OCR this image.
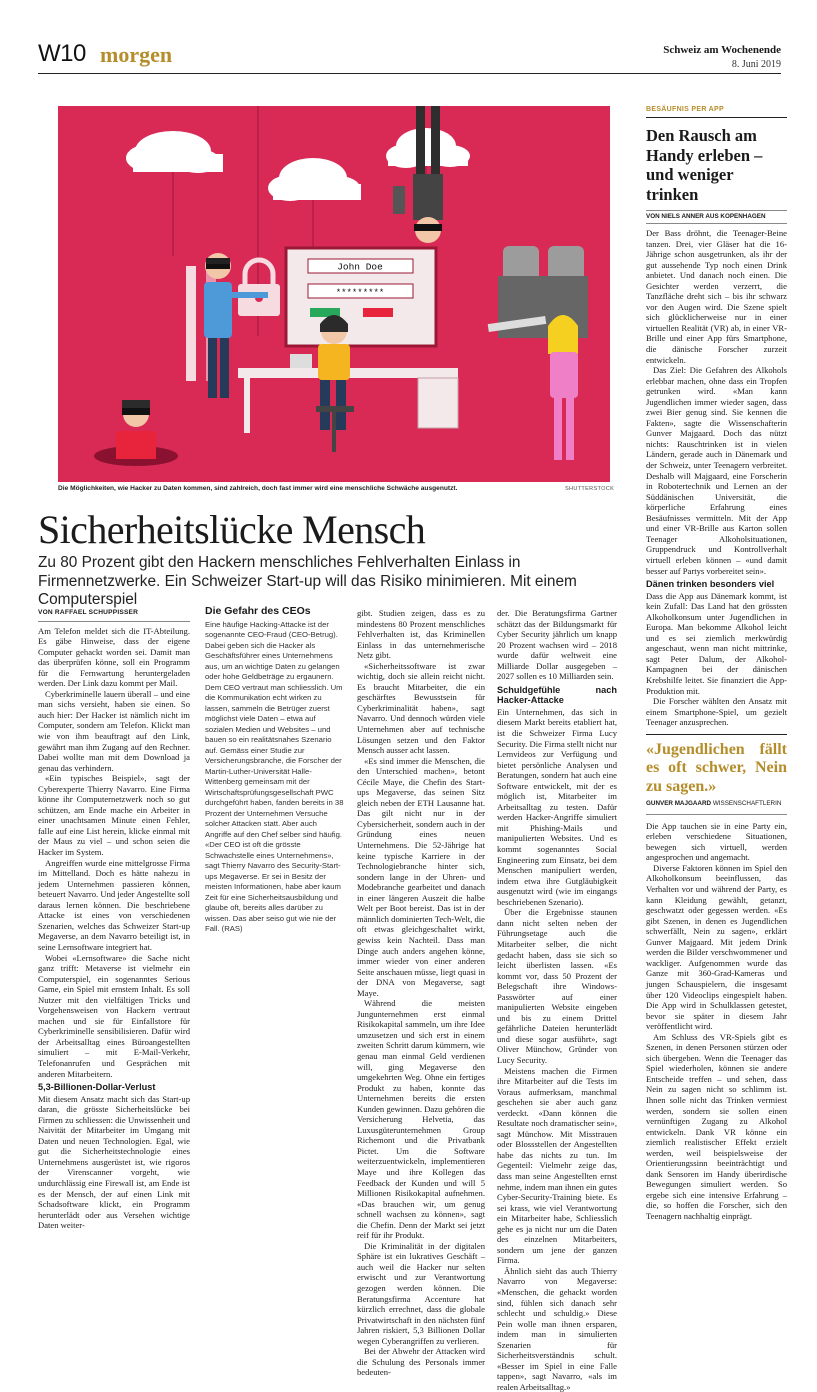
W10 morgen	Schweiz am Wochenende
8. Juni 2019
John Doe
*********
Die Möglichkeiten, wie Hacker zu Daten kommen, sind zahlreich, doch fast immer wird eine menschliche Schwäche ausgenutzt.	SHUTTERSTOCK
Sicherheitslücke Mensch
Zu 80 Prozent gibt den Hackern menschliches Fehlverhalten Einlass in Firmennetzwerke. Ein Schweizer Start-up will das Risiko minimieren. Mit einem Computerspiel
VON RAFFAEL SCHUPPISSER

Am Telefon meldet sich die IT-Abteilung. Es gäbe Hinweise, dass der eigene Computer gehackt worden sei. Damit man das überprüfen könne, soll ein Programm für die Fernwartung heruntergeladen werden. Der Link dazu kommt per Mail.

Cyberkriminelle lauern überall – und eine man sichs versieht, haben sie einen. So auch hier: Der Hacker ist nämlich nicht im Computer, sondern am Telefon. Klickt man wie von ihm beauftragt auf den Link, gewährt man ihm Zugang auf den Rechner. Dabei wollte man mit dem Download ja genau das verhindern.

«Ein typisches Beispiel», sagt der Cyberexperte Thierry Navarro. Eine Firma könne ihr Computernetzwerk noch so gut schützen, am Ende mache ein Arbeiter in einer unachtsamen Minute einen Fehler, falle auf eine List herein, klicke einmal mit der Maus zu viel – und schon seien die Hacker im System.

Angreiffen wurde eine mittelgrosse Firma im Mittelland. Doch es hätte nahezu in jedem Unternehmen passieren können, beteuert Navarro. Und jeder Angestellte soll daraus lernen können. Die beschriebene Attacke ist eines von verschiedenen Szenarien, welches das Schweizer Start-up Megaverse, an dem Navarro beteiligt ist, in seine Lernsoftware integriert hat.

Wobei «Lernsoftware» die Sache nicht ganz trifft: Metaverse ist vielmehr ein Computerspiel, ein sogenanntes Serious Game, ein Spiel mit ernstem Inhalt. Es soll Nutzer mit den vielfältigen Tricks und Vorgehensweisen von Hackern vertraut machen und sie für Einfallstore für Cyberkriminelle sensibilisieren. Dafür wird der Arbeitsalltag eines Büroangestellten simuliert – mit E-Mail-Verkehr, Telefonanrufen und Gesprächen mit anderen Mitarbeitern.

5,3-Billionen-Dollar-Verlust

Mit diesem Ansatz macht sich das Start-up daran, die grösste Sicherheitslücke bei Firmen zu schliessen: die Unwissenheit und Naivität der Mitarbeiter im Umgang mit Daten und neuen Technologien. Egal, wie gut die Sicherheitstechnologie eines Unternehmens ausgerüstet ist, wie rigoros der Virenscanner vorgeht, wie undurchlässig eine Firewall ist, am Ende ist es der Mensch, der auf einen Link mit Schadsoftware klickt, ein Programm herunterlädt oder aus Versehen wichtige Daten weiter-

Die Gefahr des CEOs
Eine häufige Hacking-Attacke ist der sogenannte CEO-Fraud (CEO-Betrug). Dabei geben sich die Hacker als Geschäftsführer eines Unternehmens aus, um an wichtige Daten zu gelangen oder hohe Geldbeträge zu ergaunern. Dem CEO vertraut man schliesslich. Um die Kommunikation echt wirken zu lassen, sammeln die Betrüger zuerst möglichst viele Daten – etwa auf sozialen Medien und Websites – und bauen so ein realitätsnahes Szenario auf. Gemäss einer Studie zur Versicherungsbranche, die Forscher der Martin-Luther-Universität Halle-Wittenberg gemeinsam mit der Wirtschaftsprüfungsgesellschaft PWC durchgeführt haben, fanden bereits in 38 Prozent der Unternehmen Versuche solcher Attacken statt. Aber auch Angriffe auf den Chef selber sind häufig. «Der CEO ist oft die grösste Schwachstelle eines Unternehmens», sagt Thierry Navarro des Security-Start-ups Megaverse. Er sei in Besitz der meisten Informationen, habe aber kaum Zeit für eine Sicherheitsausbildung und glaube oft, bereits alles darüber zu wissen. Das aber seiso gut wie nie der Fall. (RAS)

gibt. Studien zeigen, dass es zu mindestens 80 Prozent menschliches Fehlverhalten ist, das Kriminellen Einlass in das unternehmerische Netz gibt.

«Sicherheitssoftware ist zwar wichtig, doch sie allein reicht nicht. Es braucht Mitarbeiter, die ein geschärftes Bewusstsein für Cyberkriminalität haben», sagt Navarro. Und dennoch würden viele Unternehmen aber auf technische Lösungen setzen und den Faktor Mensch ausser acht lassen.

«Es sind immer die Menschen, die den Unterschied machen», betont Cécile Maye, die Chefin des Start-ups Megaverse, das seinen Sitz gleich neben der ETH Lausanne hat. Das gilt nicht nur in der Cybersicherheit, sondern auch in der Gründung eines neuen Unternehmens. Die 52-Jährige hat keine typische Karriere in der Technologiebranche hinter sich, sondern lange in der Uhren- und Modebranche gearbeitet und danach in einer längeren Auszeit die halbe Welt per Boot bereist. Das ist in der männlich dominierten Tech-Welt, die oft etwas gleichgeschaltet wirkt, gewiss kein Nachteil. Dass man Dinge auch anders angehen könne, immer wieder von einer anderen Seite anschauen müsse, liegt quasi in der DNA von Megaverse, sagt Maye.

Während die meisten Jungunternehmen erst einmal Risikokapital sammeln, um ihre Idee umzusetzen und sich erst in einem zweiten Schritt darum kümmern, wie genau man einmal Geld verdienen will, ging Megaverse den umgekehrten Weg. Ohne ein fertiges Produkt zu haben, konnte das Unternehmen bereits die ersten Kunden gewinnen. Dazu gehören die Versicherung Helvetia, das Luxusgüterunternehmen Group Richemont und die Privatbank Pictet. Um die Software weiterzuentwickeln, implementieren Maye und ihre Kollegen das Feedback der Kunden und will 5 Millionen Risikokapital aufnehmen. «Das brauchen wir, um genug schnell wachsen zu können», sagt die Chefin. Denn der Markt sei jetzt reif für ihr Produkt.

Die Kriminalität in der digitalen Sphäre ist ein lukratives Geschäft – auch weil die Hacker nur selten erwischt und zur Verantwortung gezogen werden können. Die Beratungsfirma Accenture hat kürzlich errechnet, dass die globale Privatwirtschaft in den nächsten fünf Jahren riskiert, 5,3 Billionen Dollar wegen Cyberangriffen zu verlieren.

Bei der Abwehr der Attacken wird die Schulung des Personals immer bedeuten-

der. Die Beratungsfirma Gartner schätzt das der Bildungsmarkt für Cyber Security jährlich um knapp 20 Prozent wachsen wird – 2018 wurde dafür weltweit eine Milliarde Dollar ausgegeben – 2027 sollen es 10 Milliarden sein.

Schuldgefühle nach Hacker-Attacke

Ein Unternehmen, das sich in diesem Markt bereits etabliert hat, ist die Schweizer Firma Lucy Security. Die Firma stellt nicht nur Lernvideos zur Verfügung und bietet persönliche Analysen und Beratungen, sondern hat auch eine Software entwickelt, mit der es möglich ist, Mitarbeiter im Arbeitsalltag zu testen. Dafür werden Hacker-Angriffe simuliert mit Phishing-Mails und manipulierten Websites. Und es kommt sogenanntes Social Engineering zum Einsatz, bei dem Menschen manipuliert werden, indem etwa ihre Gutgläubigkeit ausgenutzt wird (wie im eingangs beschriebenen Szenario).

Über die Ergebnisse staunen dann nicht selten neben der Führungsetage auch die Mitarbeiter selber, die nicht gedacht haben, dass sie sich so leicht überlisten lassen. «Es kommt vor, dass 50 Prozent der Belegschaft ihre Windows-Passwörter auf einer manipulierten Website eingeben und bis zu einem Drittel gefährliche Dateien herunterlädt und diese sogar ausführt», sagt Oliver Münchow, Gründer von Lucy Security.

Meistens machen die Firmen ihre Mitarbeiter auf die Tests im Voraus aufmerksam, manchmal geschehen sie aber auch ganz verdeckt. «Dann können die Resultate noch dramatischer sein», sagt Münchow. Mit Misstrauen oder Blossstellen der Angestellten habe das nichts zu tun. Im Gegenteil: Vielmehr zeige das, dass man seine Angestellten ernst nehme, indem man ihnen ein gutes Cyber-Security-Training biete. Es sei krass, wie viel Verantwortung ein Mitarbeiter habe, Schliesslich gehe es ja nicht nur um die Daten des einzelnen Mitarbeiters, sondern um jene der ganzen Firma.

Ähnlich sieht das auch Thierry Navarro von Megaverse: «Menschen, die gehackt worden sind, fühlen sich danach sehr schlecht und schuldig.» Diese Pein wolle man ihnen ersparen, indem man in simulierten Szenarien für Sicherheitsverständnis schult. «Besser im Spiel in eine Falle tappen», sagt Navarro, «als im realen Arbeitsalltag.»

BESÄUFNIS PER APP
Den Rausch am Handy erleben – und weniger trinken
VON NIELS ANNER AUS KOPENHAGEN

Der Bass dröhnt, die Teenager-Beine tanzen. Drei, vier Gläser hat die 16-Jährige schon ausgetrunken, als ihr der gut aussehende Typ noch einen Drink anbietet. Und danach noch einen. Die Gesichter werden verzerrt, die Tanzfläche dreht sich – bis ihr schwarz vor den Augen wird. Die Szene spielt sich glücklicherweise nur in einer virtuellen Realität (VR) ab, in einer VR-Brille und einer App fürs Smartphone, die dänische Forscher zurzeit entwickeln.

Das Ziel: Die Gefahren des Alkohols erlebbar machen, ohne dass ein Tropfen getrunken wird. «Man kann Jugendlichen immer wieder sagen, dass zwei Bier genug sind. Sie kennen die Fakten», sagte die Wissenschafterin Gunver Majgaard. Doch das nützt nichts: Rauschtrinken ist in vielen Ländern, gerade auch in Dänemark und der Schweiz, unter Teenagern verbreitet. Deshalb will Majgaard, eine Forscherin in Robotertechnik und Lernen an der Süddänischen Universität, die körperliche Erfahrung eines Besäufnisses vermitteln. Mit der App und einer VR-Brille aus Karton sollen Teenager Alkoholsituationen, Gruppendruck und Kontrollverhalt virtuell erleben können – «und damit besser auf Partys vorbereitet sein».

Dänen trinken besonders viel

Dass die App aus Dänemark kommt, ist kein Zufall: Das Land hat den grössten Alkoholkonsum unter Jugendlichen in Europa. Man bekomme Alkohol leicht und es sei ziemlich merkwürdig angeschaut, wenn man nicht mittrinke, sagt Peter Dalum, der Alkohol-Kampagnen bei der dänischen Krebshilfe leitet. Sie finanziert die App-Produktion mit.

Die Forscher wählten den Ansatz mit einem Smartphone-Spiel, um gezielt Teenager anzusprechen.

«Jugendlichen fällt es oft schwer, Nein zu sagen.»
GUNVER MAJGAARD WISSENSCHAFTLERIN

Die App tauchen sie in eine Party ein, erleben verschiedene Situationen, bewegen sich virtuell, werden angesprochen und angemacht.

Diverse Faktoren können im Spiel den Alkoholkonsum beeinflussen, das Verhalten vor und während der Party, es kann Kleidung gewählt, getanzt, geschwatzt oder gegessen werden. «Es gibt Szenen, in denen es Jugendlichen schwerfällt, Nein zu sagen», erklärt Gunver Majgaard. Mit jedem Drink werden die Bilder verschwommener und wackliger. Aufgenommen wurde das Ganze mit 360-Grad-Kameras und jungen Schauspielern, die insgesamt über 120 Videoclips eingespielt haben. Die App wird in Schulklassen getestet, bevor sie später in diesem Jahr veröffentlicht wird.

Am Schluss des VR-Spiels gibt es Szenen, in denen Personen stürzen oder sich übergeben. Wenn die Teenager das Spiel wiederholen, können sie andere Entscheide treffen – und sehen, dass Nein zu sagen nicht so schlimm ist. Ihnen solle nicht das Trinken vermiest werden, sondern sie sollen einen vernünftigen Zugang zu Alkohol entwickeln. Dank VR könne ein ziemlich realistischer Effekt erzielt werden, weil beispielsweise der Orientierungssinn beeinträchtigt und dank Sensoren im Handy überirdische Bewegungen simuliert werden. So ergebe sich eine intensive Erfahrung – die, so hoffen die Forscher, sich den Teenagern nachhaltig einprägt.
